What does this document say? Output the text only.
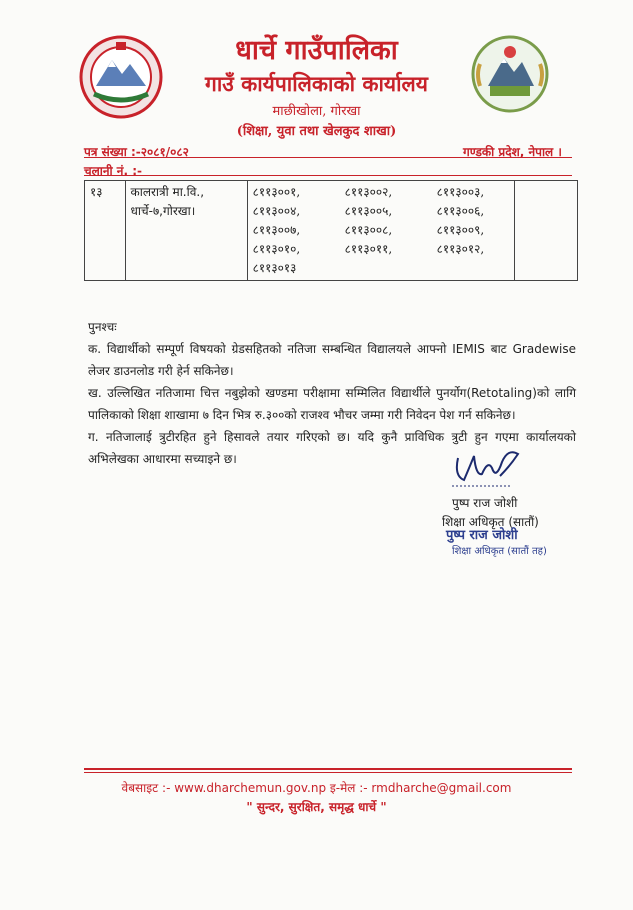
धार्चे गाउँपालिका
गाउँ कार्यपालिकाको कार्यालय
माछीखोला, गोरखा
(शिक्षा, युवा तथा खेलकुद शाखा)
पत्र संख्या :-२०८१/०८२	गण्डकी प्रदेश, नेपाल ।
चलानी नं. :-
१३	कालरात्री मा.वि., धार्चे-७,गोरखा।	
८११३००१,	८११३००२,	८११३००३,
८११३००४,	८११३००५,	८११३००६,
८११३००७,	८११३००८,	८११३००९,
८११३०१०,	८११३०११,	८११३०१२,
८११३०१३

पुनश्चः

क. विद्यार्थीको सम्पूर्ण विषयको ग्रेडसहितको नतिजा सम्बन्धित विद्यालयले आफ्नो IEMIS बाट Gradewise लेजर डाउनलोड गरी हेर्न सकिनेछ।

ख. उल्लिखित नतिजामा चित्त नबुझेको खण्डमा परीक्षामा सम्मिलित विद्यार्थीले पुनर्योग(Retotaling)को लागि पालिकाको शिक्षा शाखामा ७ दिन भित्र रु.३००को राजश्व भौचर जम्मा गरी निवेदन पेश गर्न सकिनेछ।

ग. नतिजालाई त्रुटीरहित हुने हिसावले तयार गरिएको छ। यदि कुनै प्राविधिक त्रुटी हुन गएमा कार्यालयको अभिलेखका आधारमा सच्याइने छ।

पुष्प राज जोशी
शिक्षा अधिकृत (सातौं)
पुष्प राज जोशी
शिक्षा अधिकृत (सातौं तह)
वेबसाइट :- www.dharchemun.gov.np इ-मेल :- rmdharche@gmail.com
" सुन्दर, सुरक्षित, समृद्ध धार्चे "
